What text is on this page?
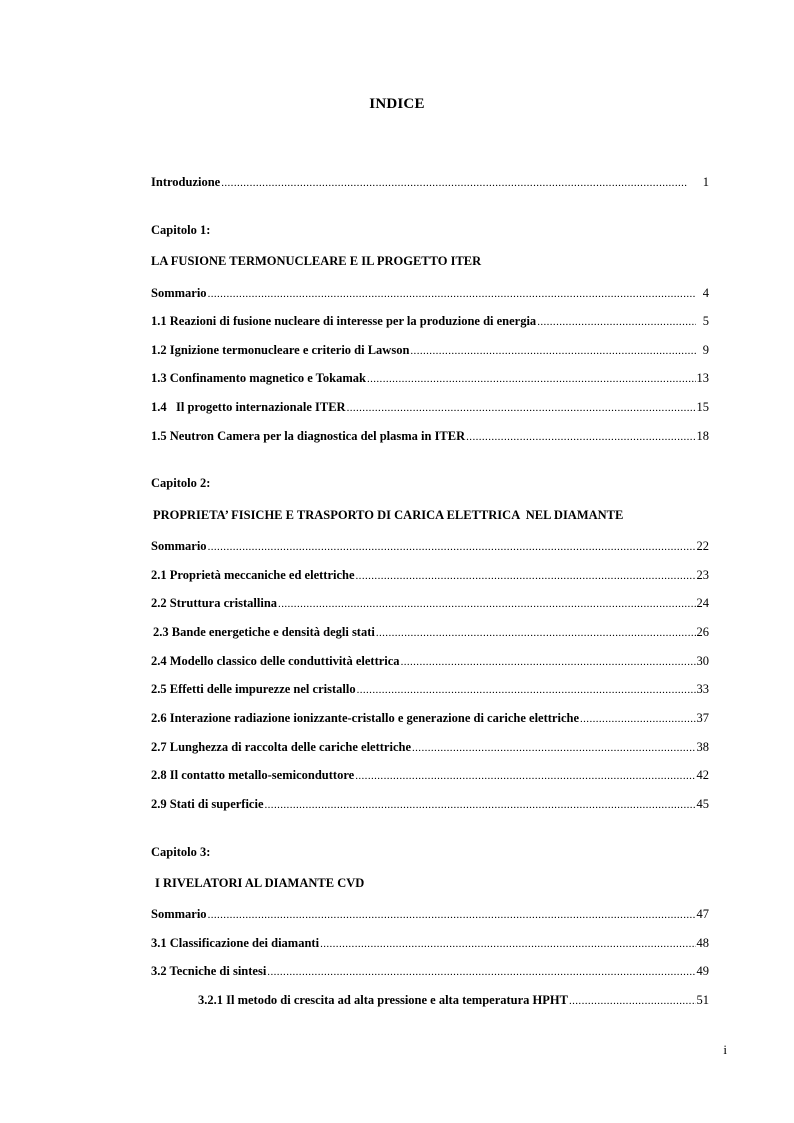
INDICE
Introduzione .....	1
Capitolo 1:
LA FUSIONE TERMONUCLEARE E IL PROGETTO ITER
Sommario .....	4
1.1 Reazioni di fusione nucleare di interesse per la produzione di energia .....	5
1.2 Ignizione termonucleare e criterio di Lawson .....	9
1.3 Confinamento magnetico e Tokamak .....	13
1.4   Il progetto internazionale ITER .....	15
1.5 Neutron Camera per la diagnostica del plasma in ITER .....	18
Capitolo 2:
PROPRIETA’ FISICHE E TRASPORTO DI CARICA ELETTRICA  NEL DIAMANTE
Sommario .....	22
2.1 Proprietà meccaniche ed elettriche .....	23
2.2 Struttura cristallina .....	24
2.3 Bande energetiche e densità degli stati .....	26
2.4 Modello classico delle conduttività elettrica .....	30
2.5 Effetti delle impurezze nel cristallo .....	33
2.6 Interazione radiazione ionizzante-cristallo e generazione di cariche elettriche .....	37
2.7 Lunghezza di raccolta delle cariche elettriche .....	38
2.8 Il contatto metallo-semiconduttore .....	42
2.9 Stati di superficie .....	45
Capitolo 3:
I RIVELATORI AL DIAMANTE CVD
Sommario .....	47
3.1 Classificazione dei diamanti .....	48
3.2 Tecniche di sintesi .....	49
3.2.1 Il metodo di crescita ad alta pressione e alta temperatura HPHT .....	51
i
